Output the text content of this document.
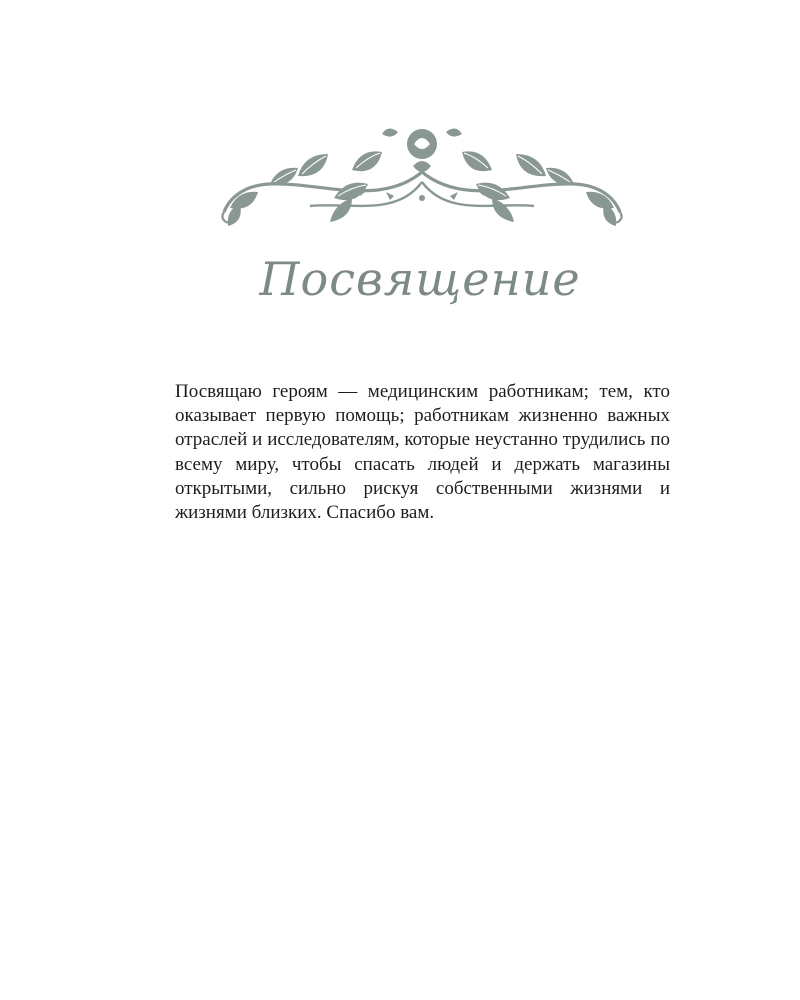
Посвящение

Посвящаю героям — медицинским работникам; тем, кто оказывает первую помощь; работникам жизненно важных отраслей и исследователям, которые неустанно трудились по всему миру, чтобы спасать людей и держать магазины открытыми, сильно рискуя собственными жизнями и жизнями близких. Спасибо вам.
